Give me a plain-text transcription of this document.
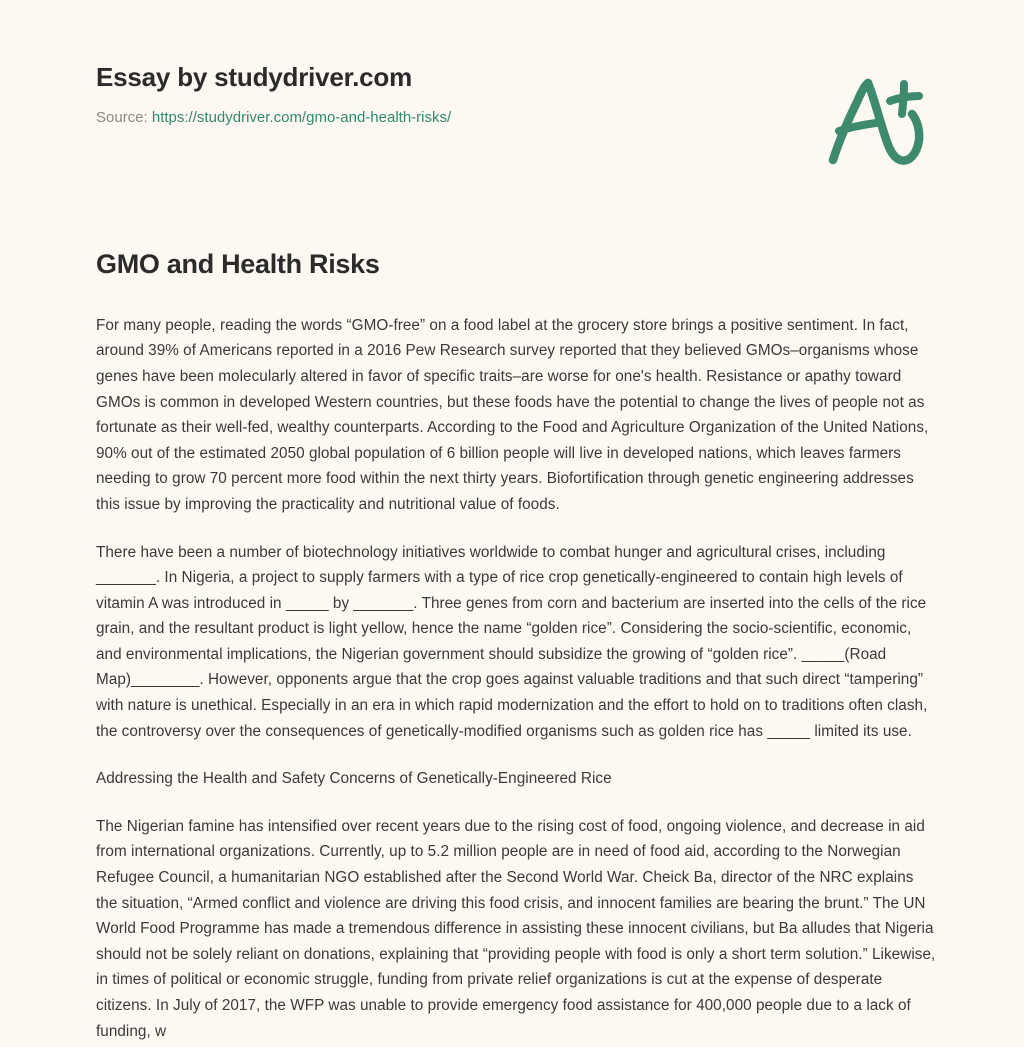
Essay by studydriver.com
Source: https://studydriver.com/gmo-and-health-risks/
GMO and Health Risks

For many people, reading the words “GMO-free” on a food label at the grocery store brings a positive sentiment. In fact, around 39% of Americans reported in a 2016 Pew Research survey reported that they believed GMOs–organisms whose genes have been molecularly altered in favor of specific traits–are worse for one's health. Resistance or apathy toward GMOs is common in developed Western countries, but these foods have the potential to change the lives of people not as fortunate as their well-fed, wealthy counterparts. According to the Food and Agriculture Organization of the United Nations, 90% out of the estimated 2050 global population of 6 billion people will live in developed nations, which leaves farmers needing to grow 70 percent more food within the next thirty years. Biofortification through genetic engineering addresses this issue by improving the practicality and nutritional value of foods.

There have been a number of biotechnology initiatives worldwide to combat hunger and agricultural crises, including _______. In Nigeria, a project to supply farmers with a type of rice crop genetically-engineered to contain high levels of vitamin A was introduced in _____ by _______. Three genes from corn and bacterium are inserted into the cells of the rice grain, and the resultant product is light yellow, hence the name “golden rice”. Considering the socio-scientific, economic, and environmental implications, the Nigerian government should subsidize the growing of “golden rice”. _____(Road Map)________. However, opponents argue that the crop goes against valuable traditions and that such direct “tampering” with nature is unethical. Especially in an era in which rapid modernization and the effort to hold on to traditions often clash, the controversy over the consequences of genetically-modified organisms such as golden rice has _____ limited its use.

Addressing the Health and Safety Concerns of Genetically-Engineered Rice

The Nigerian famine has intensified over recent years due to the rising cost of food, ongoing violence, and decrease in aid from international organizations. Currently, up to 5.2 million people are in need of food aid, according to the Norwegian Refugee Council, a humanitarian NGO established after the Second World War. Cheick Ba, director of the NRC explains the situation, “Armed conflict and violence are driving this food crisis, and innocent families are bearing the brunt.” The UN World Food Programme has made a tremendous difference in assisting these innocent civilians, but Ba alludes that Nigeria should not be solely reliant on donations, explaining that “providing people with food is only a short term solution.” Likewise, in times of political or economic struggle, funding from private relief organizations is cut at the expense of desperate citizens. In July of 2017, the WFP was unable to provide emergency food assistance for 400,000 people due to a lack of funding, w
